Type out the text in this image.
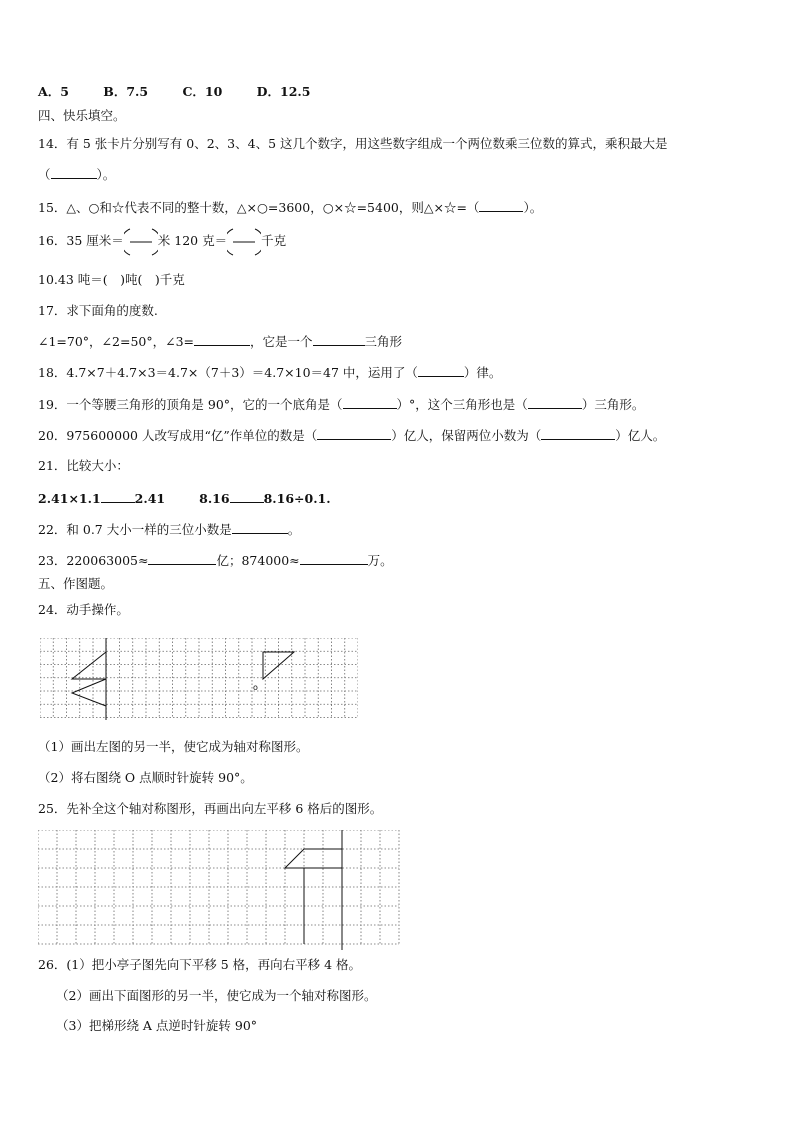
A．5	B．7.5	C．10	D．12.5
四、快乐填空。
14．有 5 张卡片分别写有 0、2、3、4、5 这几个数字，用这些数字组成一个两位数乘三位数的算式，乘积最大是
（	）。
15．△、○和☆代表不同的整十数，△×○=3600，○×☆=5400，则△×☆=（	）。
16．35 厘米＝	米 120 克＝	千克
10.43 吨＝(　)吨(　)千克
17．求下面角的度数.
∠1=70°，∠2=50°，∠3=	，它是一个	三角形
18．4.7×7＋4.7×3＝4.7×（7＋3）＝4.7×10＝47 中，运用了（	）律。
19．一个等腰三角形的顶角是 90°，它的一个底角是（	）°，这个三角形也是（	）三角形。
20．975600000 人改写成用“亿”作单位的数是（	）亿人，保留两位小数为（	）亿人。
21．比较大小：
2.41×1.1	2.41	8.16	8.16÷0.1.
22．和 0.7 大小一样的三位小数是	。
23．220063005≈	亿；874000≈	万。
五、作图题。
24．动手操作。
o
（1）画出左图的另一半，使它成为轴对称图形。
（2）将右图绕 O 点顺时针旋转 90°。
25．先补全这个轴对称图形，再画出向左平移 6 格后的图形。
26．(1）把小亭子图先向下平移 5 格，再向右平移 4 格。
（2）画出下面图形的另一半，使它成为一个轴对称图形。
（3）把梯形绕 A 点逆时针旋转 90°
